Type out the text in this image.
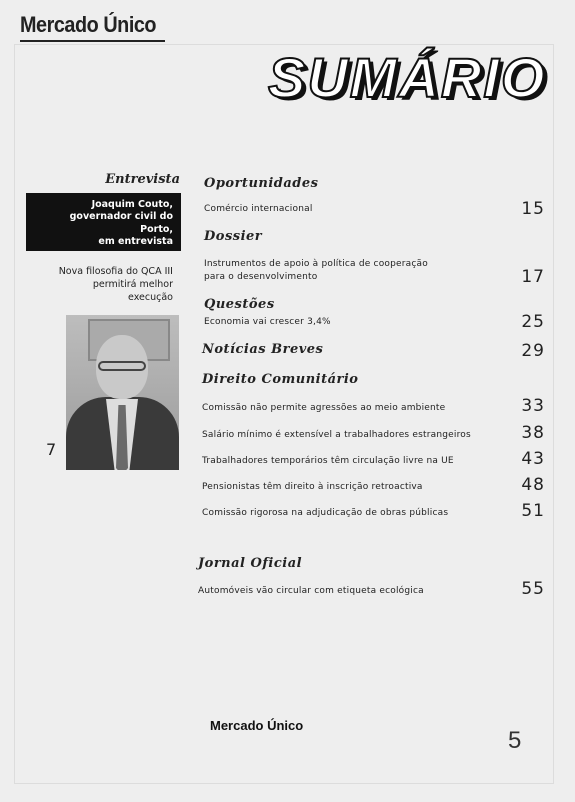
Mercado Único
SUMÁRIO
Entrevista
Joaquim Couto,
governador civil do Porto,
em entrevista
Nova filosofia do QCA III
permitirá melhor
execução
7
Oportunidades
Comércio internacional	15
Dossier
Instrumentos de apoio à política de cooperação
para o desenvolvimento	17
Questões
Economia vai crescer 3,4%	25
Notícias Breves	29
Direito Comunitário
Comissão não permite agressões ao meio ambiente	33
Salário mínimo é extensível a trabalhadores estrangeiros	38
Trabalhadores temporários têm circulação livre na UE	43
Pensionistas têm direito à inscrição retroactiva	48
Comissão rigorosa na adjudicação de obras públicas	51
Jornal Oficial
Automóveis vão circular com etiqueta ecológica	55
Mercado Único
5
